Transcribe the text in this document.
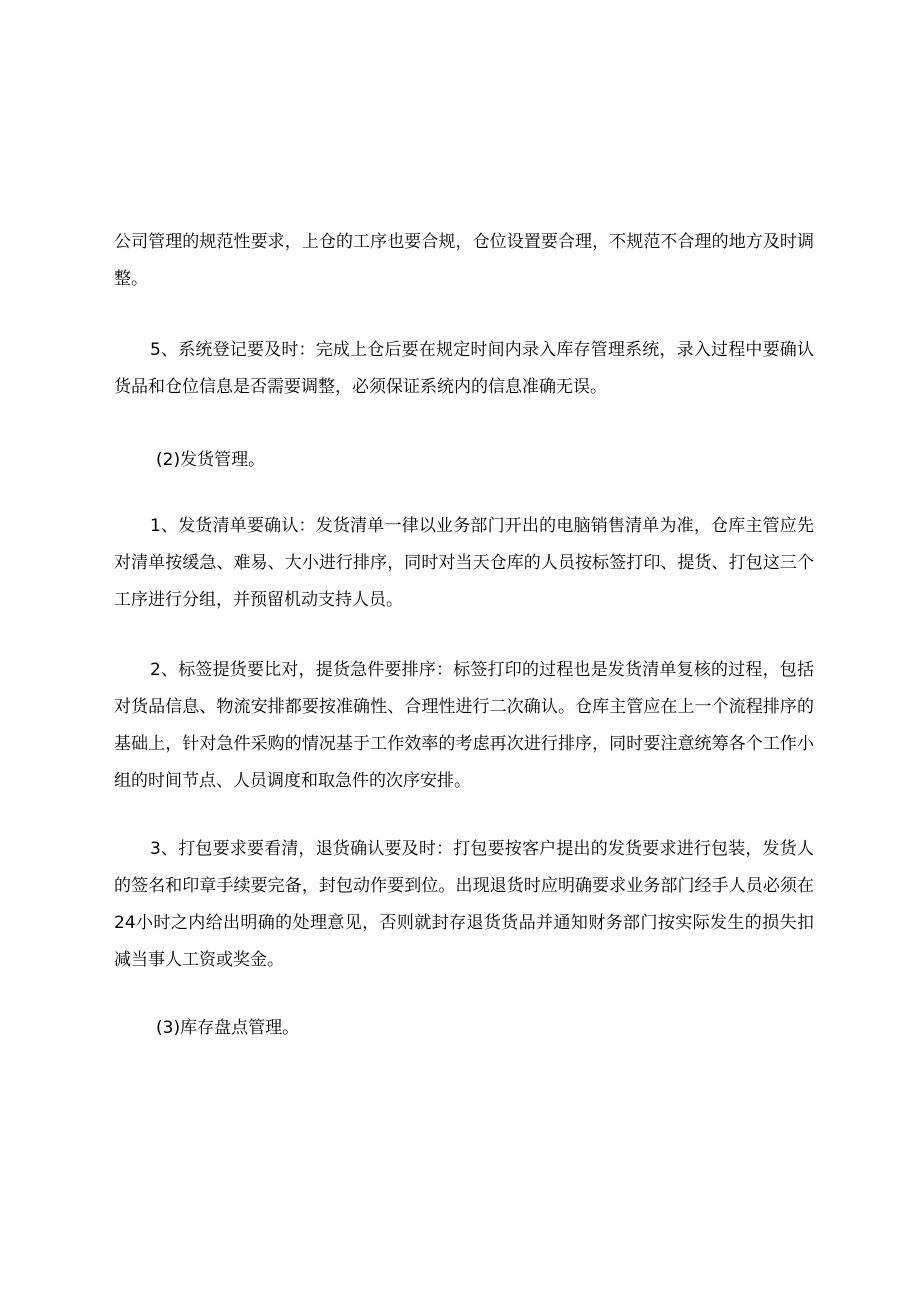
公司管理的规范性要求，上仓的工序也要合规，仓位设置要合理，不规范不合理的地方及时调整。

5、系统登记要及时：完成上仓后要在规定时间内录入库存管理系统，录入过程中要确认货品和仓位信息是否需要调整，必须保证系统内的信息准确无误。

(2)发货管理。

1、发货清单要确认：发货清单一律以业务部门开出的电脑销售清单为准，仓库主管应先对清单按缓急、难易、大小进行排序，同时对当天仓库的人员按标签打印、提货、打包这三个工序进行分组，并预留机动支持人员。

2、标签提货要比对，提货急件要排序：标签打印的过程也是发货清单复核的过程，包括对货品信息、物流安排都要按准确性、合理性进行二次确认。仓库主管应在上一个流程排序的基础上，针对急件采购的情况基于工作效率的考虑再次进行排序，同时要注意统筹各个工作小组的时间节点、人员调度和取急件的次序安排。

3、打包要求要看清，退货确认要及时：打包要按客户提出的发货要求进行包装，发货人的签名和印章手续要完备，封包动作要到位。出现退货时应明确要求业务部门经手人员必须在24小时之内给出明确的处理意见，否则就封存退货货品并通知财务部门按实际发生的损失扣减当事人工资或奖金。

(3)库存盘点管理。
